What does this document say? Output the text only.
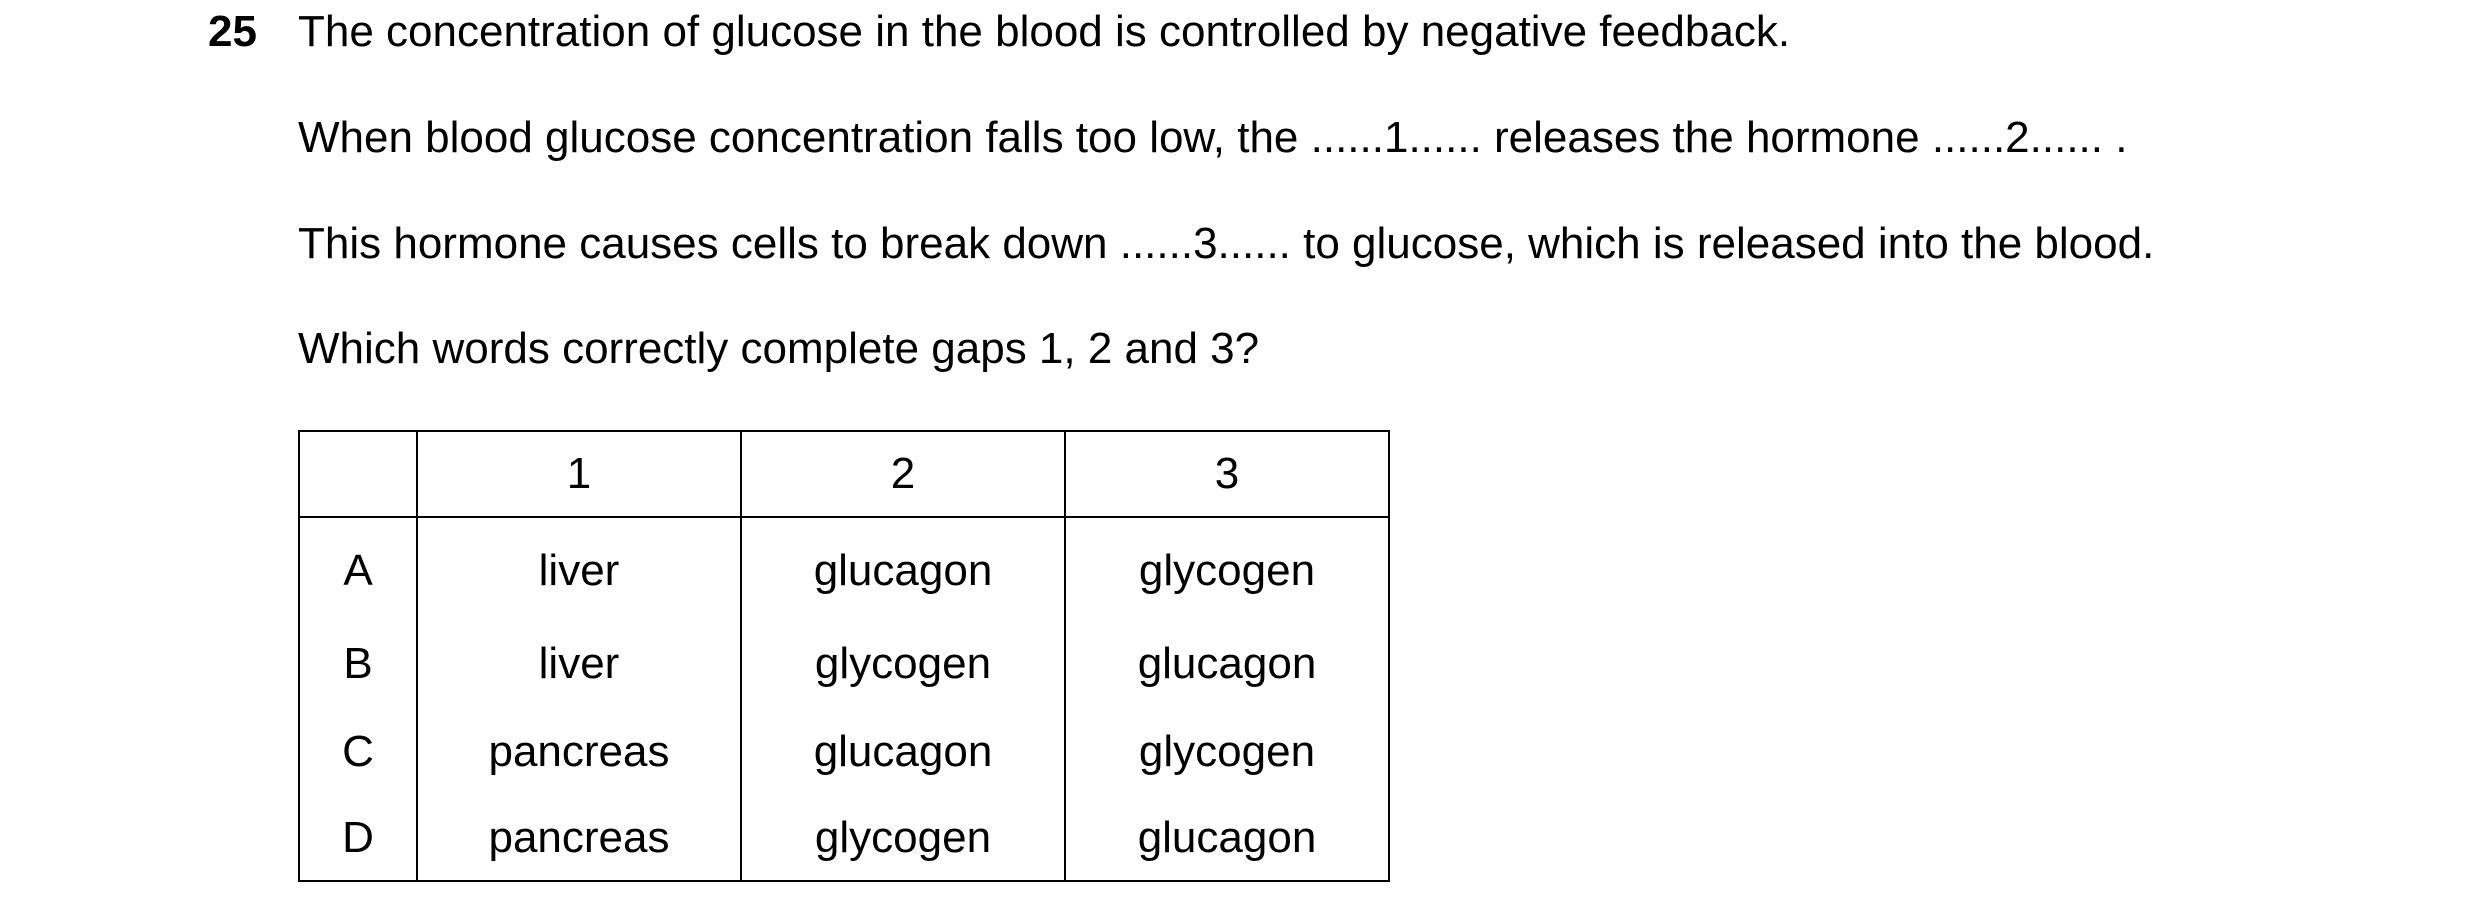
25 The concentration of glucose in the blood is controlled by negative feedback.
When blood glucose concentration falls too low, the ......1...... releases the hormone ......2...... .
This hormone causes cells to break down ......3...... to glucose, which is released into the blood.
Which words correctly complete gaps 1, 2 and 3?
	1	2	3
A	liver	glucagon	glycogen
B	liver	glycogen	glucagon
C	pancreas	glucagon	glycogen
D	pancreas	glycogen	glucagon
